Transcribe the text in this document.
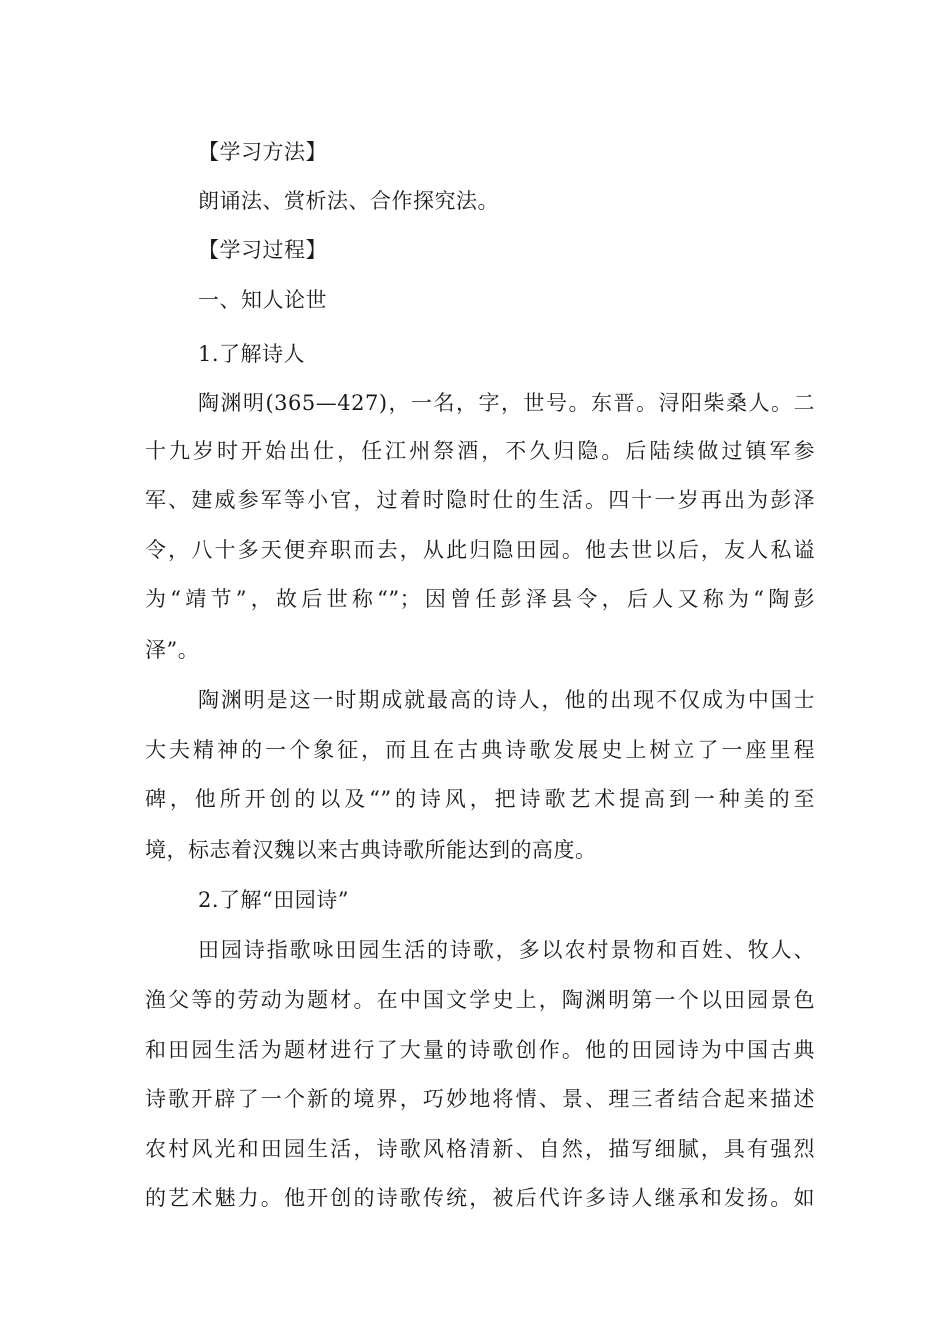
【学习方法】
朗诵法、赏析法、合作探究法。
【学习过程】
一、知人论世
1.了解诗人
陶渊明(365—427)，一名，字，世号。东晋。浔阳柴桑人。二
十九岁时开始出仕，任江州祭酒，不久归隐。后陆续做过镇军参
军、建威参军等小官，过着时隐时仕的生活。四十一岁再出为彭泽
令，八十多天便弃职而去，从此归隐田园。他去世以后，友人私谥
为“靖节”，故后世称“”；因曾任彭泽县令，后人又称为“陶彭
泽”。
陶渊明是这一时期成就最高的诗人，他的出现不仅成为中国士
大夫精神的一个象征，而且在古典诗歌发展史上树立了一座里程
碑，他所开创的以及“”的诗风，把诗歌艺术提高到一种美的至
境，标志着汉魏以来古典诗歌所能达到的高度。
2.了解“田园诗”
田园诗指歌咏田园生活的诗歌，多以农村景物和百姓、牧人、
渔父等的劳动为题材。在中国文学史上，陶渊明第一个以田园景色
和田园生活为题材进行了大量的诗歌创作。他的田园诗为中国古典
诗歌开辟了一个新的境界，巧妙地将情、景、理三者结合起来描述
农村风光和田园生活，诗歌风格清新、自然，描写细腻，具有强烈
的艺术魅力。他开创的诗歌传统，被后代许多诗人继承和发扬。如
